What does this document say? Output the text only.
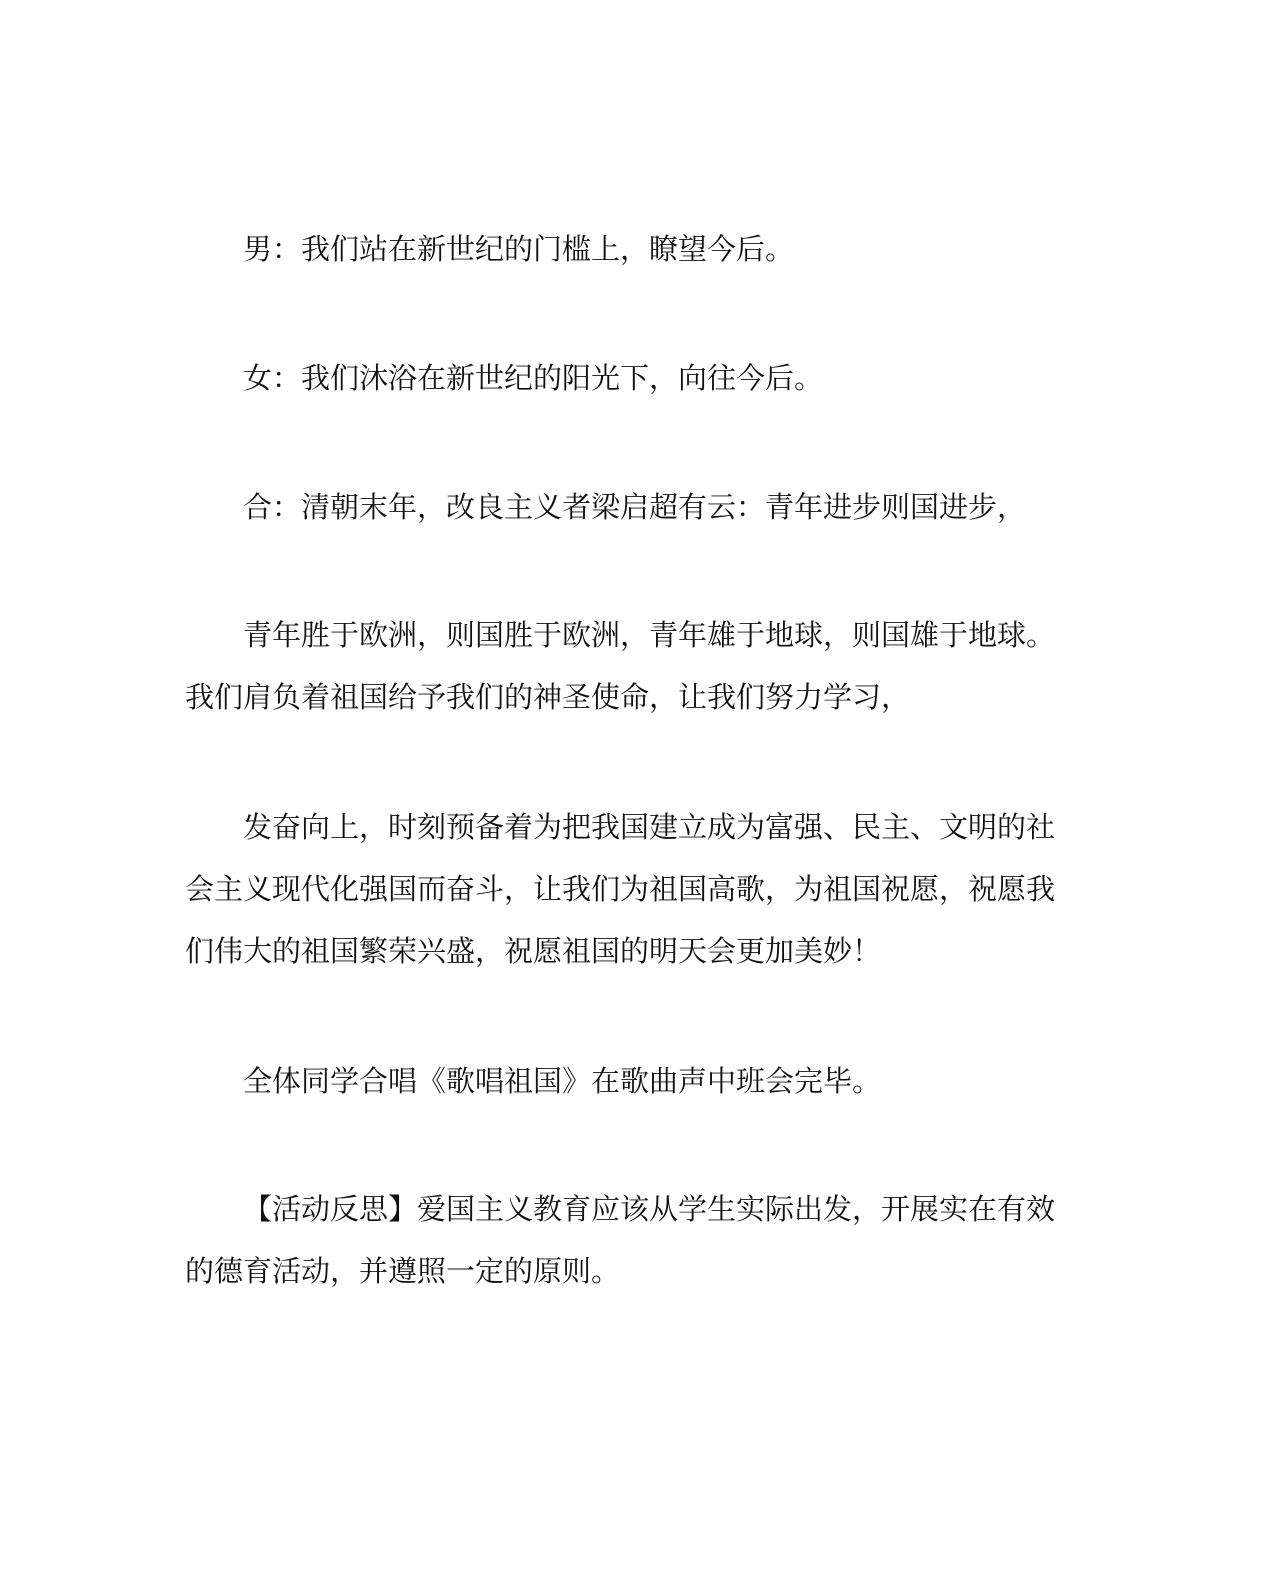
男：我们站在新世纪的门槛上，瞭望今后。

女：我们沐浴在新世纪的阳光下，向往今后。

合：清朝末年，改良主义者梁启超有云：青年进步则国进步，

青年胜于欧洲，则国胜于欧洲，青年雄于地球，则国雄于地球。我们肩负着祖国给予我们的神圣使命，让我们努力学习，

发奋向上，时刻预备着为把我国建立成为富强、民主、文明的社会主义现代化强国而奋斗，让我们为祖国高歌，为祖国祝愿，祝愿我们伟大的祖国繁荣兴盛，祝愿祖国的明天会更加美妙！

全体同学合唱《歌唱祖国》在歌曲声中班会完毕。

【活动反思】爱国主义教育应该从学生实际出发，开展实在有效的德育活动，并遵照一定的原则。
